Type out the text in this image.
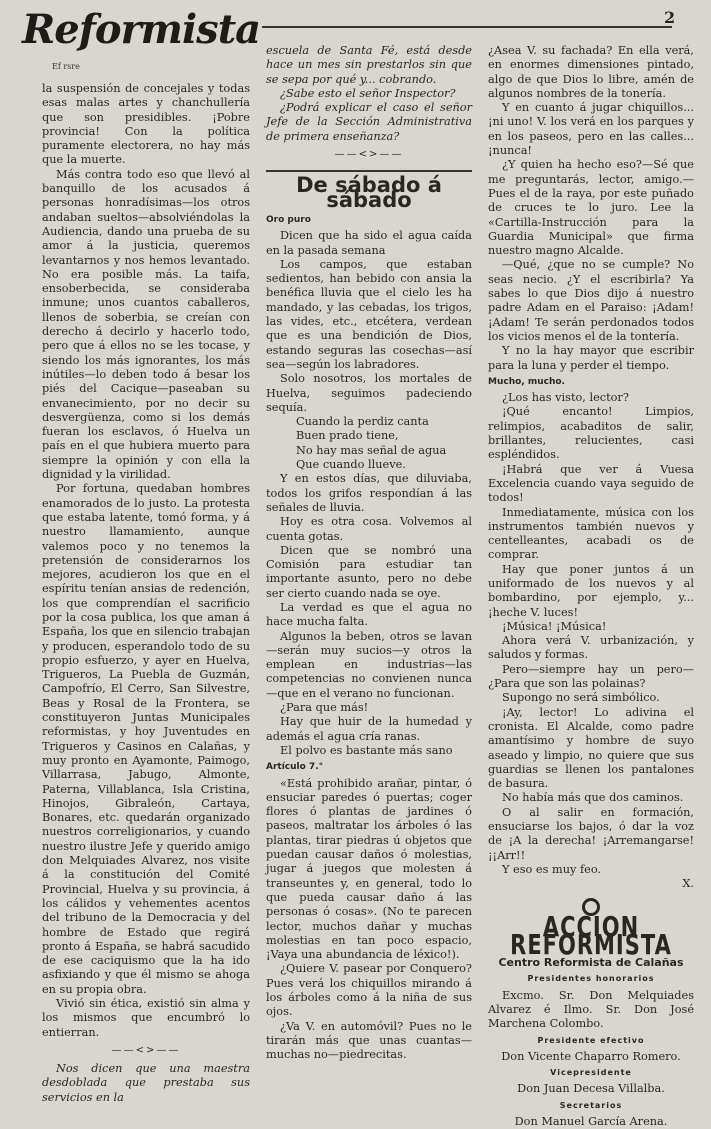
Reformista
Ef rsre
2

la suspensión de concejales y todas esas malas artes y chanchullería que son presidibles. ¡Pobre provincia! Con la política puramente electorera, no hay más que la muerte.

Más contra todo eso que llevó al banquillo de los acusados á personas honradísimas—los otros andaban sueltos—absolviéndolas la Audiencia, dando una prueba de su amor á la justicia, queremos levantarnos y nos hemos levantado. No era posible más. La taifa, ensoberbecida, se consideraba inmune; unos cuantos caballeros, llenos de soberbia, se creían con derecho á decirlo y hacerlo todo, pero que á ellos no se les tocase, y siendo los más ignorantes, los más inútiles—lo deben todo á besar los piés del Cacique—paseaban su envanecimiento, por no decir su desvergüenza, como si los demás fueran los esclavos, ó Huelva un país en el que hubiera muerto para siempre la opinión y con ella la dignidad y la virilidad.

Por fortuna, quedaban hombres enamorados de lo justo. La protesta que estaba latente, tomó forma, y á nuestro llamamiento, aunque valemos poco y no tenemos la pretensión de considerarnos los mejores, acudieron los que en el espíritu tenían ansias de redención, los que comprendían el sacrificio por la cosa publica, los que aman á España, los que en silencio trabajan y producen, esperandolo todo de su propio esfuerzo, y ayer en Huelva, Trigueros, La Puebla de Guzmán, Campofrío, El Cerro, San Silvestre, Beas y Rosal de la Frontera, se constituyeron Juntas Municipales reformistas, y hoy Juventudes en Trigueros y Casinos en Calañas, y muy pronto en Ayamonte, Paimogo, Villarrasa, Jabugo, Almonte, Paterna, Villablanca, Isla Cristina, Hinojos, Gibraleón, Cartaya, Bonares, etc. quedarán organizado nuestros correligionarios, y cuando nuestro ilustre Jefe y querido amigo don Melquiades Alvarez, nos visite á la constitución del Comité Provincial, Huelva y su provincia, á los cálidos y vehementes acentos del tribuno de la Democracia y del hombre de Estado que regirá pronto á España, se habrá sacudido de ese caciquismo que la ha ido asfixiando y que él mismo se ahoga en su propia obra.

Vivió sin ética, existió sin alma y los mismos que encumbró lo entierran.

——<>——

Nos dicen que una maestra desdoblada que prestaba sus servicios en la

escuela de Santa Fé, está desde hace un mes sin prestarlos sin que se sepa por qué y... cobrando.

¿Sabe esto el señor Inspector?

¿Podrá explicar el caso el señor Jefe de la Sección Administrativa de primera enseñanza?

——<>——
De sábado á sábado
Oro puro

Dicen que ha sido el agua caída en la pasada semana

Los campos, que estaban sedientos, han bebido con ansia la benéfica lluvia que el cielo les ha mandado, y las cebadas, los trigos, las vides, etc., etcétera, verdean que es una bendición de Dios, estando seguras las cosechas—así sea—según los labradores.

Solo nosotros, los mortales de Huelva, seguimos padeciendo sequía.

Cuando la perdiz canta

Buen prado tiene,

No hay mas señal de agua

Que cuando llueve.

Y en estos días, que diluviaba, todos los grifos respondían á las señales de lluvia.

Hoy es otra cosa. Volvemos al cuenta gotas.

Dicen que se nombró una Comisión para estudiar tan importante asunto, pero no debe ser cierto cuando nada se oye.

La verdad es que el agua no hace mucha falta.

Algunos la beben, otros se lavan—serán muy sucios—y otros la emplean en industrias—las competencias no convienen nunca—que en el verano no funcionan.

¿Para que más!

Hay que huir de la humedad y además el agua cría ranas.

El polvo es bastante más sano

Artículo 7.°

«Está prohibido arañar, pintar, ó ensuciar paredes ó puertas; coger flores ó plantas de jardines ó paseos, maltratar los árboles ó las plantas, tirar piedras ú objetos que puedan causar daños ó molestias, jugar á juegos que molesten á transeuntes y, en general, todo lo que pueda causar daño á las personas ó cosas». (No te parecen lector, muchos dañar y muchas molestias en tan poco espacio, ¡Vaya una abundancia de léxico!).

¿Quiere V. pasear por Conquero? Pues verá los chiquillos mirando á los árboles como á la niña de sus ojos.

¿Va V. en automóvil? Pues no le tirarán más que unas cuantas—muchas no—piedrecitas.

¿Asea V. su fachada? En ella verá, en enormes dimensiones pintado, algo de que Dios lo libre, amén de algunos nombres de la tonería.

Y en cuanto á jugar chiquillos...¡ni uno! V. los verá en los parques y en los paseos, pero en las calles... ¡nunca!

¿Y quien ha hecho eso?—Sé que me preguntarás, lector, amigo.—Pues el de la raya, por este puñado de cruces te lo juro. Lee la «Cartilla-Instrucción para la Guardia Municipal» que firma nuestro magno Alcalde.

—Qué, ¿que no se cumple? No seas necio. ¿Y el escribirla? Ya sabes lo que Dios dijo á nuestro padre Adam en el Paraiso: ¡Adam! ¡Adam! Te serán perdonados todos los vicios menos el de la tontería.

Y no la hay mayor que escribir para la luna y perder el tiempo.

Mucho, mucho.

¿Los has visto, lector?

¡Qué encanto! Limpios, relimpios, acabaditos de salir, brillantes, relucientes, casi espléndidos.

¡Habrá que ver á Vuesa Excelencia cuando vaya seguido de todos!

Inmediatamente, música con los instrumentos también nuevos y centelleantes, acabadi os de comprar.

Hay que poner juntos á un uniformado de los nuevos y al bombardino, por ejemplo, y... ¡heche V. luces!

¡Música! ¡Música!

Ahora verá V. urbanización, y saludos y formas.

Pero—siempre hay un pero—¿Para que son las polainas?

Supongo no será simbólico.

¡Ay, lector! Lo adivina el cronista. El Alcalde, como padre amantísimo y hombre de suyo aseado y limpio, no quiere que sus guardias se llenen los pantalones de basura.

No había más que dos caminos.

O al salir en formación, ensuciarse los bajos, ó dar la voz de ¡A la derecha! ¡Arremangarse! ¡¡Arr!!

Y eso es muy feo.

X.

ACCION REFORMISTA
Centro Reformista de Calañas
Presidentes honorarios

Excmo. Sr. Don Melquiades Alvarez é Ilmo. Sr. Don José Marchena Colombo.

Presidente efectivo

Don Vicente Chaparro Romero.

Vicepresidente

Don Juan Decesa Villalba.

Secretarios

Don Manuel García Arena.
